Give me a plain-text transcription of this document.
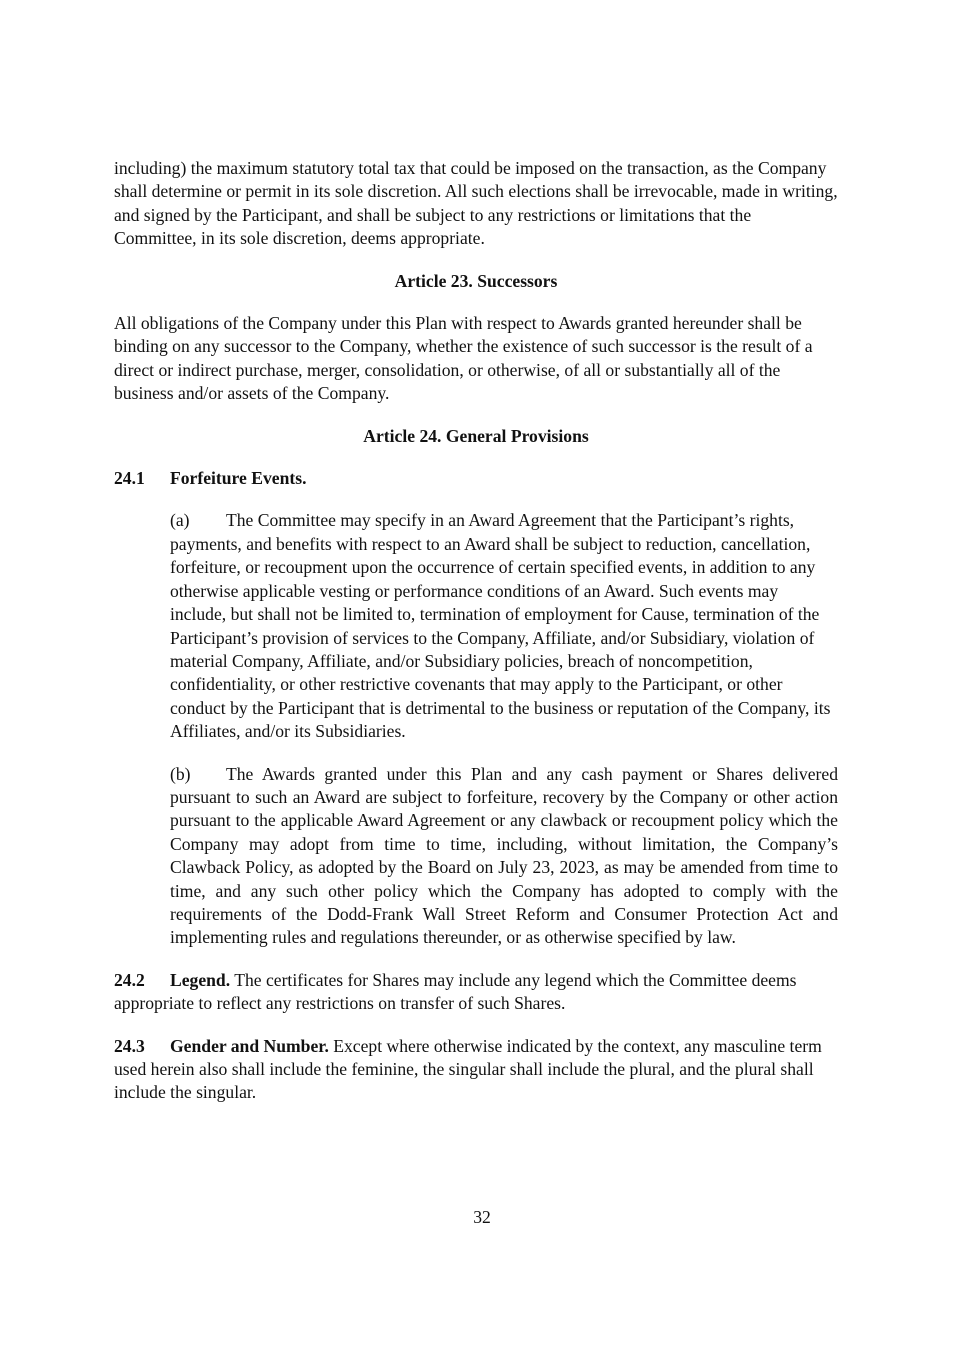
including) the maximum statutory total tax that could be imposed on the transaction, as the Company shall determine or permit in its sole discretion. All such elections shall be irrevocable, made in writing, and signed by the Participant, and shall be subject to any restrictions or limitations that the Committee, in its sole discretion, deems appropriate.

Article 23. Successors

All obligations of the Company under this Plan with respect to Awards granted hereunder shall be binding on any successor to the Company, whether the existence of such successor is the result of a direct or indirect purchase, merger, consolidation, or otherwise, of all or substantially all of the business and/or assets of the Company.

Article 24. General Provisions

24.1	Forfeiture Events.
(a) The Committee may specify in an Award Agreement that the Participant’s rights, payments, and benefits with respect to an Award shall be subject to reduction, cancellation, forfeiture, or recoupment upon the occurrence of certain specified events, in addition to any otherwise applicable vesting or performance conditions of an Award. Such events may include, but shall not be limited to, termination of employment for Cause, termination of the Participant’s provision of services to the Company, Affiliate, and/or Subsidiary, violation of material Company, Affiliate, and/or Subsidiary policies, breach of noncompetition, confidentiality, or other restrictive covenants that may apply to the Participant, or other conduct by the Participant that is detrimental to the business or reputation of the Company, its Affiliates, and/or its Subsidiaries.
(b) The Awards granted under this Plan and any cash payment or Shares delivered pursuant to such an Award are subject to forfeiture, recovery by the Company or other action pursuant to the applicable Award Agreement or any clawback or recoupment policy which the Company may adopt from time to time, including, without limitation, the Company’s Clawback Policy, as adopted by the Board on July 23, 2023, as may be amended from time to time, and any such other policy which the Company has adopted to comply with the requirements of the Dodd-Frank Wall Street Reform and Consumer Protection Act and implementing rules and regulations thereunder, or as otherwise specified by law.

24.2 Legend. The certificates for Shares may include any legend which the Committee deems appropriate to reflect any restrictions on transfer of such Shares.

24.3 Gender and Number. Except where otherwise indicated by the context, any masculine term used herein also shall include the feminine, the singular shall include the plural, and the plural shall include the singular.

32
